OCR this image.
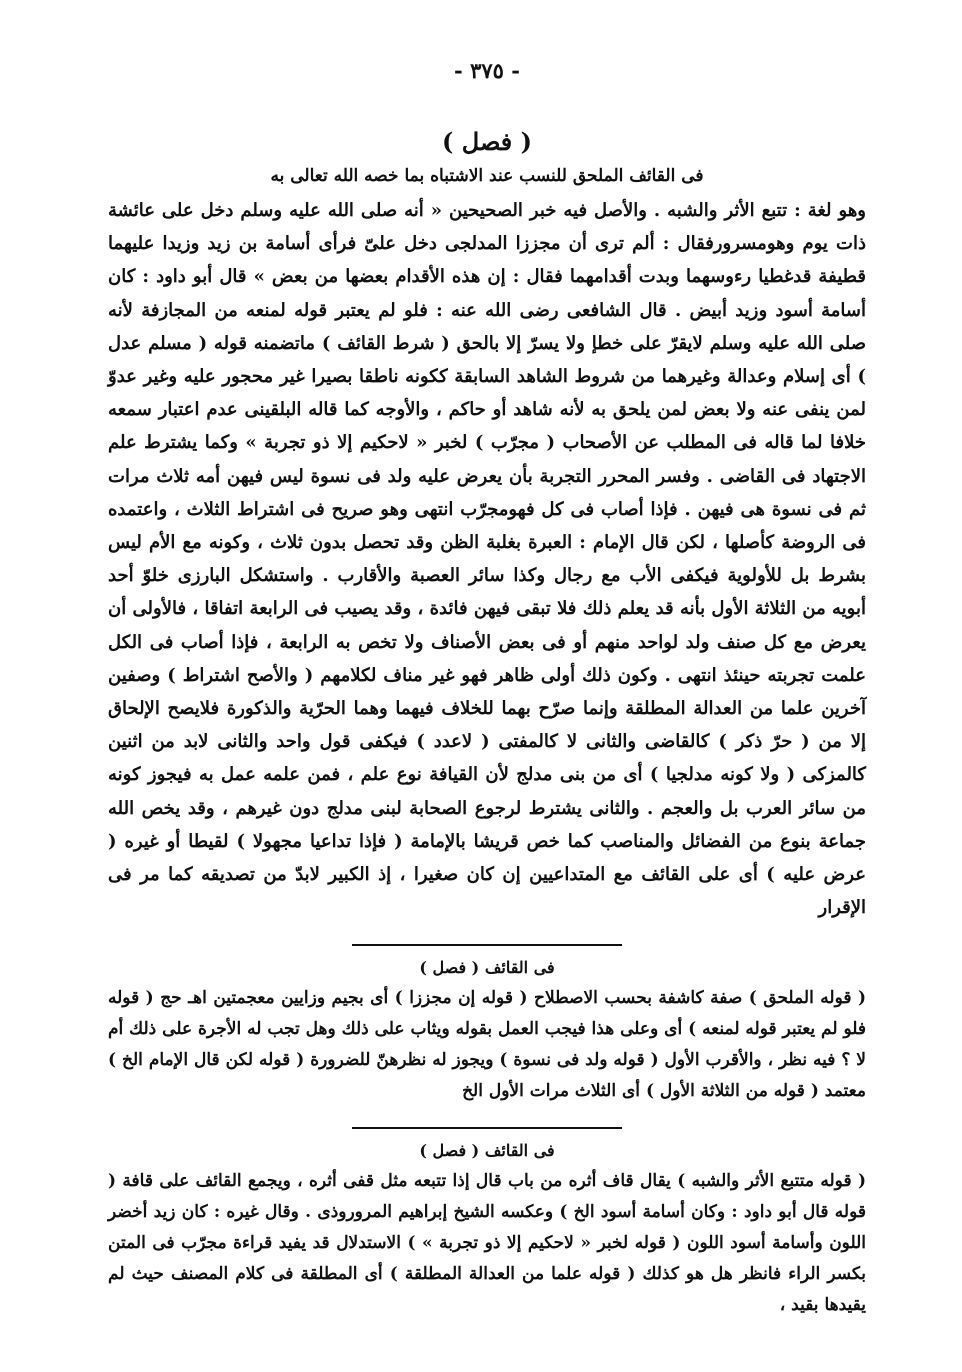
- ٣٧٥ -
( فصل )
فى القائف الملحق للنسب عند الاشتباه بما خصه الله تعالى به

وهو لغة : تتبع الأثر والشبه . والأصل فيه خبر الصحيحين « أنه صلى الله عليه وسلم دخل على عائشة ذات يوم وهومسرورفقال : ألم ترى أن مجززا المدلجى دخل علىّ فرأى أسامة بن زيد وزيدا عليهما قطيفة قدغطيا رءوسهما وبدت أقدامهما فقال : إن هذه الأقدام بعضها من بعض » قال أبو داود : كان أسامة أسود وزيد أبيض . قال الشافعى رضى الله عنه : فلو لم يعتبر قوله لمنعه من المجازفة لأنه صلى الله عليه وسلم لايقرّ على خطإ ولا يسرّ إلا بالحق ( شرط القائف ) ماتضمنه قوله ( مسلم عدل ) أى إسلام وعدالة وغيرهما من شروط الشاهد السابقة ككونه ناطقا بصيرا غير محجور عليه وغير عدوّ لمن ينفى عنه ولا بعض لمن يلحق به لأنه شاهد أو حاكم ، والأوجه كما قاله البلقينى عدم اعتبار سمعه خلافا لما قاله فى المطلب عن الأصحاب ( مجرّب ) لخبر « لاحكيم إلا ذو تجربة » وكما يشترط علم الاجتهاد فى القاضى . وفسر المحرر التجربة بأن يعرض عليه ولد فى نسوة ليس فيهن أمه ثلاث مرات ثم فى نسوة هى فيهن . فإذا أصاب فى كل فهومجرّب انتهى وهو صريح فى اشتراط الثلاث ، واعتمده فى الروضة كأصلها ، لكن قال الإمام : العبرة بغلبة الظن وقد تحصل بدون ثلاث ، وكونه مع الأم ليس بشرط بل للأولوية فيكفى الأب مع رجال وكذا سائر العصبة والأقارب . واستشكل البارزى خلوّ أحد أبويه من الثلاثة الأول بأنه قد يعلم ذلك فلا تبقى فيهن فائدة ، وقد يصيب فى الرابعة اتفاقا ، فالأولى أن يعرض مع كل صنف ولد لواحد منهم أو فى بعض الأصناف ولا تخص به الرابعة ، فإذا أصاب فى الكل علمت تجربته حينئذ انتهى . وكون ذلك أولى ظاهر فهو غير مناف لكلامهم ( والأصح اشتراط ) وصفين آخرين علما من العدالة المطلقة وإنما صرّح بهما للخلاف فيهما وهما الحرّية والذكورة فلايصح الإلحاق إلا من ( حرّ ذكر ) كالقاضى والثانى لا كالمفتى ( لاعدد ) فيكفى قول واحد والثانى لابد من اثنين كالمزكى ( ولا كونه مدلجيا ) أى من بنى مدلج لأن القيافة نوع علم ، فمن علمه عمل به فيجوز كونه من سائر العرب بل والعجم . والثانى يشترط لرجوع الصحابة لبنى مدلج دون غيرهم ، وقد يخص الله جماعة بنوع من الفضائل والمناصب كما خص قريشا بالإمامة ( فإذا تداعيا مجهولا ) لقيطا أو غيره ( عرض عليه ) أى على القائف مع المتداعيين إن كان صغيرا ، إذ الكبير لابدّ من تصديقه كما مر فى الإقرار

( فصل ) فى القائف

( قوله الملحق ) صفة كاشفة بحسب الاصطلاح ( قوله إن مجززا ) أى بجيم وزايين معجمتين اهـ حج ( قوله فلو لم يعتبر قوله لمنعه ) أى وعلى هذا فيجب العمل بقوله ويثاب على ذلك وهل تجب له الأجرة على ذلك أم لا ؟ فيه نظر ، والأقرب الأول ( قوله ولد فى نسوة ) ويجوز له نظرهنّ للضرورة ( قوله لكن قال الإمام الخ ) معتمد ( قوله من الثلاثة الأول ) أى الثلاث مرات الأول الخ

( فصل ) فى القائف

( قوله متتبع الأثر والشبه ) يقال قاف أثره من باب قال إذا تتبعه مثل قفى أثره ، ويجمع القائف على قافة ( قوله قال أبو داود : وكان أسامة أسود الخ ) وعكسه الشيخ إبراهيم المروروذى . وقال غيره : كان زيد أخضر اللون وأسامة أسود اللون ( قوله لخبر « لاحكيم إلا ذو تجربة » ) الاستدلال قد يفيد قراءة مجرّب فى المتن بكسر الراء فانظر هل هو كذلك ( قوله علما من العدالة المطلقة ) أى المطلقة فى كلام المصنف حيث لم يقيدها بقيد ،
